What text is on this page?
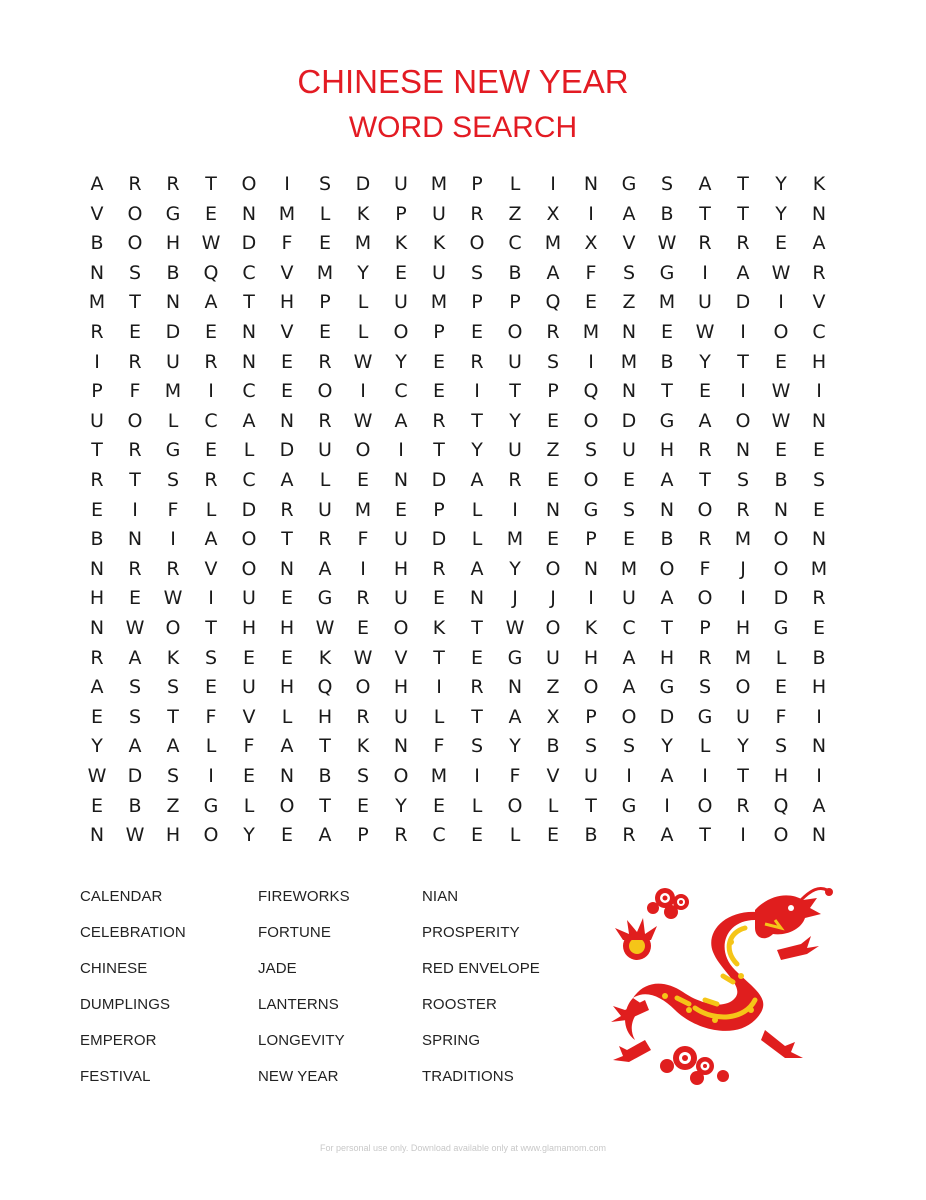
CHINESE NEW YEAR
WORD SEARCH
A	R	R	T	O	I	S	D	U	M	P	L	I	N	G	S	A	T	Y	K
V	O	G	E	N	M	L	K	P	U	R	Z	X	I	A	B	T	T	Y	N
B	O	H	W	D	F	E	M	K	K	O	C	M	X	V	W	R	R	E	A
N	S	B	Q	C	V	M	Y	E	U	S	B	A	F	S	G	I	A	W	R
M	T	N	A	T	H	P	L	U	M	P	P	Q	E	Z	M	U	D	I	V
R	E	D	E	N	V	E	L	O	P	E	O	R	M	N	E	W	I	O	C
I	R	U	R	N	E	R	W	Y	E	R	U	S	I	M	B	Y	T	E	H
P	F	M	I	C	E	O	I	C	E	I	T	P	Q	N	T	E	I	W	I
U	O	L	C	A	N	R	W	A	R	T	Y	E	O	D	G	A	O	W	N
T	R	G	E	L	D	U	O	I	T	Y	U	Z	S	U	H	R	N	E	E
R	T	S	R	C	A	L	E	N	D	A	R	E	O	E	A	T	S	B	S
E	I	F	L	D	R	U	M	E	P	L	I	N	G	S	N	O	R	N	E
B	N	I	A	O	T	R	F	U	D	L	M	E	P	E	B	R	M	O	N
N	R	R	V	O	N	A	I	H	R	A	Y	O	N	M	O	F	J	O	M
H	E	W	I	U	E	G	R	U	E	N	J	J	I	U	A	O	I	D	R
N	W	O	T	H	H	W	E	O	K	T	W	O	K	C	T	P	H	G	E
R	A	K	S	E	E	K	W	V	T	E	G	U	H	A	H	R	M	L	B
A	S	S	E	U	H	Q	O	H	I	R	N	Z	O	A	G	S	O	E	H
E	S	T	F	V	L	H	R	U	L	T	A	X	P	O	D	G	U	F	I
Y	A	A	L	F	A	T	K	N	F	S	Y	B	S	S	Y	L	Y	S	N
W	D	S	I	E	N	B	S	O	M	I	F	V	U	I	A	I	T	H	I
E	B	Z	G	L	O	T	E	Y	E	L	O	L	T	G	I	O	R	Q	A
N	W	H	O	Y	E	A	P	R	C	E	L	E	B	R	A	T	I	O	N
CALENDAR
CELEBRATION
CHINESE
DUMPLINGS
EMPEROR
FESTIVAL
FIREWORKS
FORTUNE
JADE
LANTERNS
LONGEVITY
NEW YEAR
NIAN
PROSPERITY
RED ENVELOPE
ROOSTER
SPRING
TRADITIONS
For personal use only. Download available only at www.glamamom.com
